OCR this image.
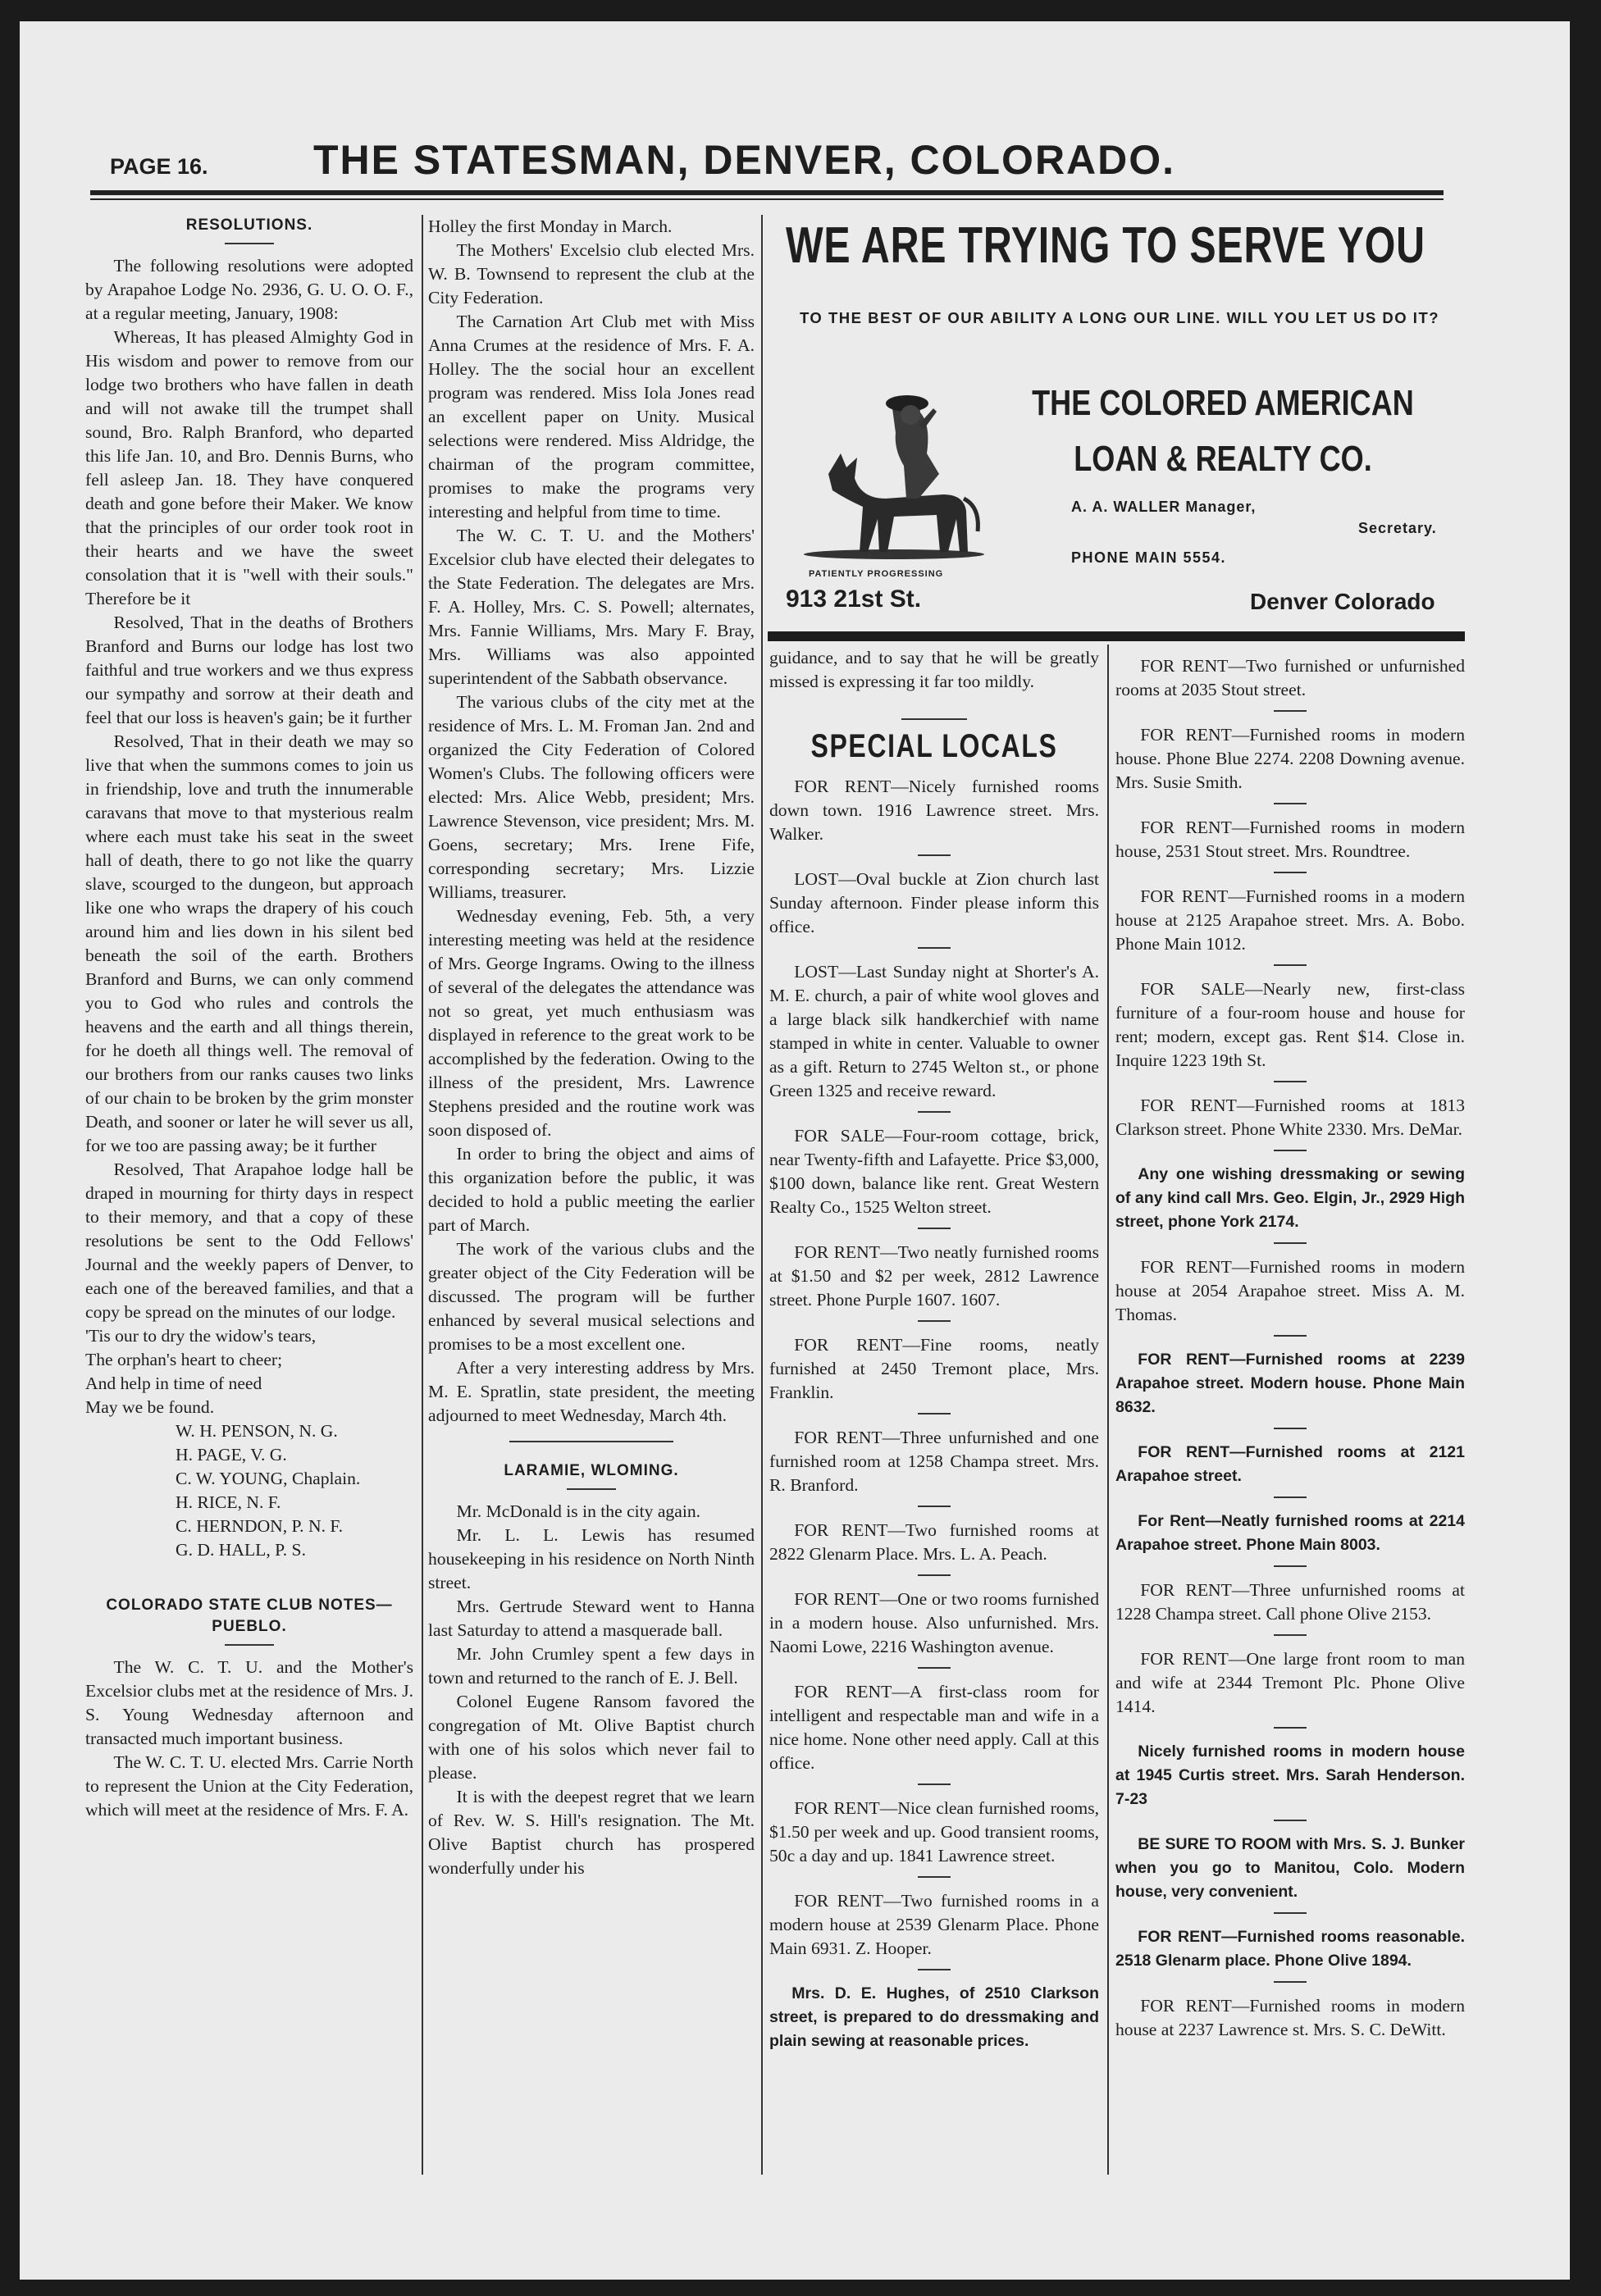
PAGE 16.	THE STATESMAN, DENVER, COLORADO.
RESOLUTIONS.

The following resolutions were adopted by Arapahoe Lodge No. 2936, G. U. O. O. F., at a regular meeting, January, 1908:

Whereas, It has pleased Almighty God in His wisdom and power to remove from our lodge two brothers who have fallen in death and will not awake till the trumpet shall sound, Bro. Ralph Branford, who departed this life Jan. 10, and Bro. Dennis Burns, who fell asleep Jan. 18. They have conquered death and gone before their Maker. We know that the principles of our order took root in their hearts and we have the sweet consolation that it is "well with their souls." Therefore be it

Resolved, That in the deaths of Brothers Branford and Burns our lodge has lost two faithful and true workers and we thus express our sympathy and sorrow at their death and feel that our loss is heaven's gain; be it further

Resolved, That in their death we may so live that when the summons comes to join us in friendship, love and truth the innumerable caravans that move to that mysterious realm where each must take his seat in the sweet hall of death, there to go not like the quarry slave, scourged to the dungeon, but approach like one who wraps the drapery of his couch around him and lies down in his silent bed beneath the soil of the earth. Brothers Branford and Burns, we can only commend you to God who rules and controls the heavens and the earth and all things therein, for he doeth all things well. The removal of our brothers from our ranks causes two links of our chain to be broken by the grim monster Death, and sooner or later he will sever us all, for we too are passing away; be it further

Resolved, That Arapahoe lodge hall be draped in mourning for thirty days in respect to their memory, and that a copy of these resolutions be sent to the Odd Fellows' Journal and the weekly papers of Denver, to each one of the bereaved families, and that a copy be spread on the minutes of our lodge.

'Tis our to dry the widow's tears,
The orphan's heart to cheer;
And help in time of need
May we be found.
W. H. PENSON, N. G.
H. PAGE, V. G.
C. W. YOUNG, Chaplain.
H. RICE, N. F.
C. HERNDON, P. N. F.
G. D. HALL, P. S.
COLORADO STATE CLUB NOTES— PUEBLO.

The W. C. T. U. and the Mother's Excelsior clubs met at the residence of Mrs. J. S. Young Wednesday afternoon and transacted much important business.

The W. C. T. U. elected Mrs. Carrie North to represent the Union at the City Federation, which will meet at the residence of Mrs. F. A.

Holley the first Monday in March.

The Mothers' Excelsio club elected Mrs. W. B. Townsend to represent the club at the City Federation.

The Carnation Art Club met with Miss Anna Crumes at the residence of Mrs. F. A. Holley. The the social hour an excellent program was rendered. Miss Iola Jones read an excellent paper on Unity. Musical selections were rendered. Miss Aldridge, the chairman of the program committee, promises to make the programs very interesting and helpful from time to time.

The W. C. T. U. and the Mothers' Excelsior club have elected their delegates to the State Federation. The delegates are Mrs. F. A. Holley, Mrs. C. S. Powell; alternates, Mrs. Fannie Williams, Mrs. Mary F. Bray, Mrs. Williams was also appointed superintendent of the Sabbath observance.

The various clubs of the city met at the residence of Mrs. L. M. Froman Jan. 2nd and organized the City Federation of Colored Women's Clubs. The following officers were elected: Mrs. Alice Webb, president; Mrs. Lawrence Stevenson, vice president; Mrs. M. Goens, secretary; Mrs. Irene Fife, corresponding secretary; Mrs. Lizzie Williams, treasurer.

Wednesday evening, Feb. 5th, a very interesting meeting was held at the residence of Mrs. George Ingrams. Owing to the illness of several of the delegates the attendance was not so great, yet much enthusiasm was displayed in reference to the great work to be accomplished by the federation. Owing to the illness of the president, Mrs. Lawrence Stephens presided and the routine work was soon disposed of.

In order to bring the object and aims of this organization before the public, it was decided to hold a public meeting the earlier part of March.

The work of the various clubs and the greater object of the City Federation will be discussed. The program will be further enhanced by several musical selections and promises to be a most excellent one.

After a very interesting address by Mrs. M. E. Spratlin, state president, the meeting adjourned to meet Wednesday, March 4th.

LARAMIE, WLOMING.

Mr. McDonald is in the city again.

Mr. L. L. Lewis has resumed housekeeping in his residence on North Ninth street.

Mrs. Gertrude Steward went to Hanna last Saturday to attend a masquerade ball.

Mr. John Crumley spent a few days in town and returned to the ranch of E. J. Bell.

Colonel Eugene Ransom favored the congregation of Mt. Olive Baptist church with one of his solos which never fail to please.

It is with the deepest regret that we learn of Rev. W. S. Hill's resignation. The Mt. Olive Baptist church has prospered wonderfully under his

WE ARE TRYING TO SERVE YOU
TO THE BEST OF OUR ABILITY A LONG OUR LINE. WILL YOU LET US DO IT?
THE COLORED AMERICAN LOAN & REALTY CO.
A. A. WALLER Manager,
Secretary.
PHONE MAIN 5554.
PATIENTLY PROGRESSING
913 21st St.	Denver Colorado

guidance, and to say that he will be greatly missed is expressing it far too mildly.

SPECIAL LOCALS

FOR RENT—Nicely furnished rooms down town. 1916 Lawrence street. Mrs. Walker.

LOST—Oval buckle at Zion church last Sunday afternoon. Finder please inform this office.

LOST—Last Sunday night at Shorter's A. M. E. church, a pair of white wool gloves and a large black silk handkerchief with name stamped in white in center. Valuable to owner as a gift. Return to 2745 Welton st., or phone Green 1325 and receive reward.

FOR SALE—Four-room cottage, brick, near Twenty-fifth and Lafayette. Price $3,000, $100 down, balance like rent. Great Western Realty Co., 1525 Welton street.

FOR RENT—Two neatly furnished rooms at $1.50 and $2 per week, 2812 Lawrence street. Phone Purple 1607. 1607.

FOR RENT—Fine rooms, neatly furnished at 2450 Tremont place, Mrs. Franklin.

FOR RENT—Three unfurnished and one furnished room at 1258 Champa street. Mrs. R. Branford.

FOR RENT—Two furnished rooms at 2822 Glenarm Place. Mrs. L. A. Peach.

FOR RENT—One or two rooms furnished in a modern house. Also unfurnished. Mrs. Naomi Lowe, 2216 Washington avenue.

FOR RENT—A first-class room for intelligent and respectable man and wife in a nice home. None other need apply. Call at this office.

FOR RENT—Nice clean furnished rooms, $1.50 per week and up. Good transient rooms, 50c a day and up. 1841 Lawrence street.

FOR RENT—Two furnished rooms in a modern house at 2539 Glenarm Place. Phone Main 6931. Z. Hooper.

Mrs. D. E. Hughes, of 2510 Clarkson street, is prepared to do dressmaking and plain sewing at reasonable prices.

FOR RENT—Two furnished or unfurnished rooms at 2035 Stout street.

FOR RENT—Furnished rooms in modern house. Phone Blue 2274. 2208 Downing avenue. Mrs. Susie Smith.

FOR RENT—Furnished rooms in modern house, 2531 Stout street. Mrs. Roundtree.

FOR RENT—Furnished rooms in a modern house at 2125 Arapahoe street. Mrs. A. Bobo. Phone Main 1012.

FOR SALE—Nearly new, first-class furniture of a four-room house and house for rent; modern, except gas. Rent $14. Close in. Inquire 1223 19th St.

FOR RENT—Furnished rooms at 1813 Clarkson street. Phone White 2330. Mrs. DeMar.

Any one wishing dressmaking or sewing of any kind call Mrs. Geo. Elgin, Jr., 2929 High street, phone York 2174.

FOR RENT—Furnished rooms in modern house at 2054 Arapahoe street. Miss A. M. Thomas.

FOR RENT—Furnished rooms at 2239 Arapahoe street. Modern house. Phone Main 8632.

FOR RENT—Furnished rooms at 2121 Arapahoe street.

For Rent—Neatly furnished rooms at 2214 Arapahoe street. Phone Main 8003.

FOR RENT—Three unfurnished rooms at 1228 Champa street. Call phone Olive 2153.

FOR RENT—One large front room to man and wife at 2344 Tremont Plc. Phone Olive 1414.

Nicely furnished rooms in modern house at 1945 Curtis street. Mrs. Sarah Henderson. 7-23

BE SURE TO ROOM with Mrs. S. J. Bunker when you go to Manitou, Colo. Modern house, very convenient.

FOR RENT—Furnished rooms reasonable. 2518 Glenarm place. Phone Olive 1894.

FOR RENT—Furnished rooms in modern house at 2237 Lawrence st. Mrs. S. C. DeWitt.
